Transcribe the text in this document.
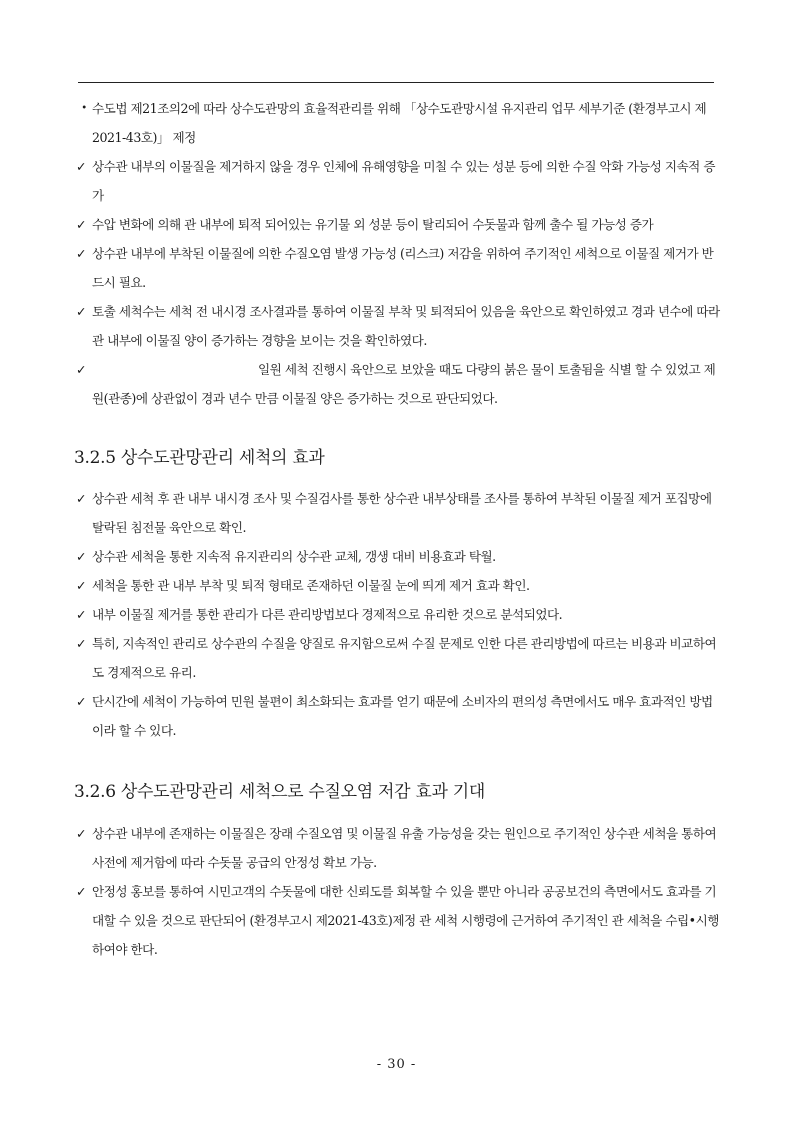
• 수도법 제21조의2에 따라 상수도관망의 효율적관리를 위해 「상수도관망시설 유지관리 업무 세부기준 (환경부고시 제2021-43호)」 제정
✓ 상수관 내부의 이물질을 제거하지 않을 경우 인체에 유해영향을 미칠 수 있는 성분 등에 의한 수질 악화 가능성 지속적 증가
✓ 수압 변화에 의해 관 내부에 퇴적 되어있는 유기물 외 성분 등이 탈리되어 수돗물과 함께 출수 될 가능성 증가
✓ 상수관 내부에 부착된 이물질에 의한 수질오염 발생 가능성 (리스크) 저감을 위하여 주기적인 세척으로 이물질 제거가 반드시 필요.
✓ 토출 세척수는 세척 전 내시경 조사결과를 통하여 이물질 부착 및 퇴적되어 있음을 육안으로 확인하였고 경과 년수에 따라 관 내부에 이물질 양이 증가하는 경향을 보이는 것을 확인하였다.
✓	일원 세척 진행시 육안으로 보았을 때도 다량의 붉은 물이 토출됨을 식별 할 수 있었고 제원(관종)에 상관없이 경과 년수 만큼 이물질 양은 증가하는 것으로 판단되었다.
3.2.5 상수도관망관리 세척의 효과
✓ 상수관 세척 후 관 내부 내시경 조사 및 수질검사를 통한 상수관 내부상태를 조사를 통하여 부착된 이물질 제거 포집망에 탈락된 침전물 육안으로 확인.
✓ 상수관 세척을 통한 지속적 유지관리의 상수관 교체, 갱생 대비 비용효과 탁월.
✓ 세척을 통한 관 내부 부착 및 퇴적 형태로 존재하던 이물질 눈에 띄게 제거 효과 확인.
✓ 내부 이물질 제거를 통한 관리가 다른 관리방법보다 경제적으로 유리한 것으로 분석되었다.
✓ 특히, 지속적인 관리로 상수관의 수질을 양질로 유지함으로써 수질 문제로 인한 다른 관리방법에 따르는 비용과 비교하여도 경제적으로 유리.
✓ 단시간에 세척이 가능하여 민원 불편이 최소화되는 효과를 얻기 때문에 소비자의 편의성 측면에서도 매우 효과적인 방법이라 할 수 있다.
3.2.6 상수도관망관리 세척으로 수질오염 저감 효과 기대
✓ 상수관 내부에 존재하는 이물질은 장래 수질오염 및 이물질 유출 가능성을 갖는 원인으로 주기적인 상수관 세척을 통하여 사전에 제거함에 따라 수돗물 공급의 안정성 확보 가능.
✓ 안정성 홍보를 통하여 시민고객의 수돗물에 대한 신뢰도를 회복할 수 있을 뿐만 아니라 공공보건의 측면에서도 효과를 기대할 수 있을 것으로 판단되어 (환경부고시 제2021-43호)제정 관 세척 시행령에 근거하여 주기적인 관 세척을 수립•시행하여야 한다.
- 30 -
